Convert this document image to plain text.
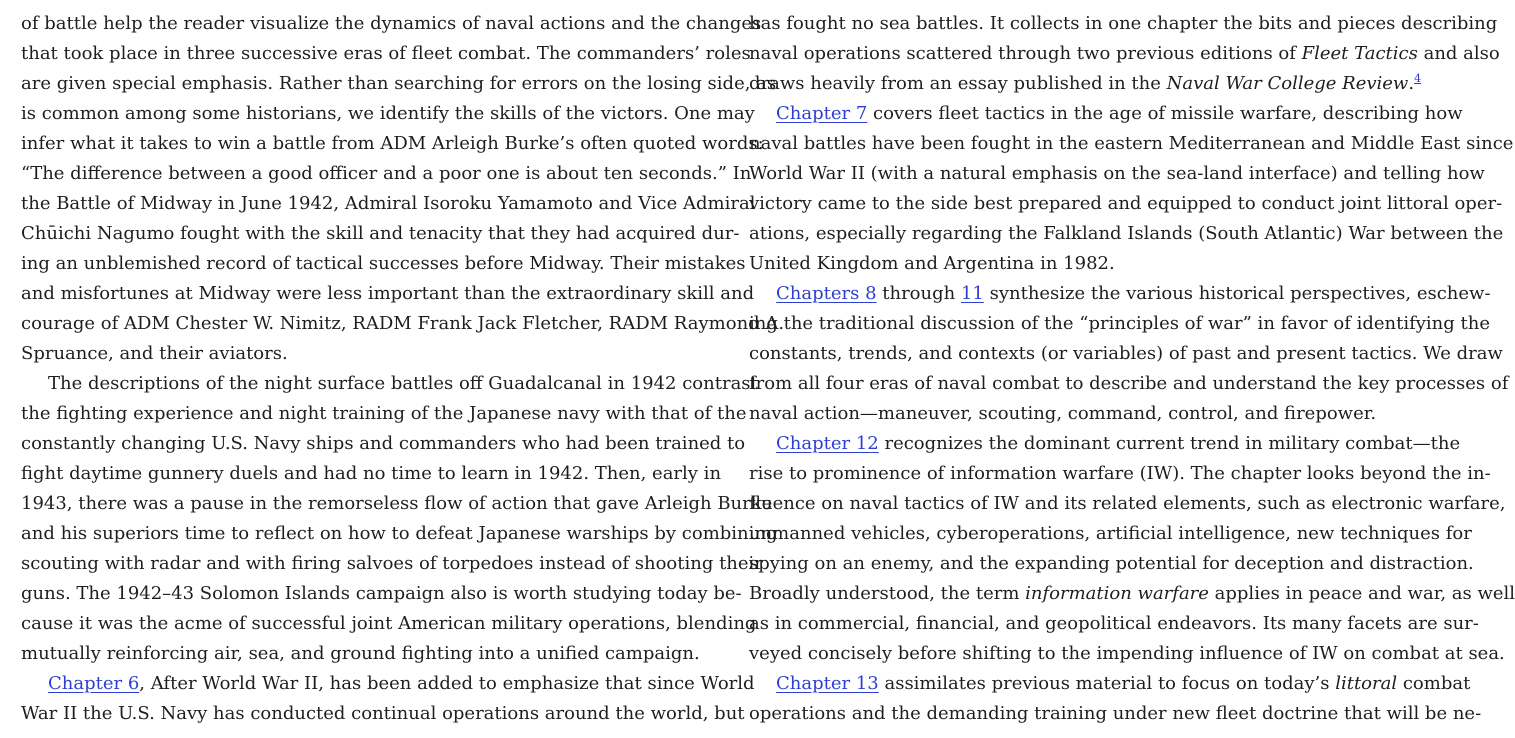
of battle help the reader visualize the dynamics of naval actions and the changes
that took place in three successive eras of fleet combat. The commanders’ roles
are given special emphasis. Rather than searching for errors on the losing side, as
is common among some historians, we identify the skills of the victors. One may
infer what it takes to win a battle from ADM Arleigh Burke’s often quoted words:
“The difference between a good officer and a poor one is about ten seconds.” In
the Battle of Midway in June 1942, Admiral Isoroku Yamamoto and Vice Admiral
Chūichi Nagumo fought with the skill and tenacity that they had acquired dur-
ing an unblemished record of tactical successes before Midway. Their mistakes
and misfortunes at Midway were less important than the extraordinary skill and
courage of ADM Chester W. Nimitz, RADM Frank Jack Fletcher, RADM Raymond A.
Spruance, and their aviators.
The descriptions of the night surface battles off Guadalcanal in 1942 contrast
the fighting experience and night training of the Japanese navy with that of the
constantly changing U.S. Navy ships and commanders who had been trained to
fight daytime gunnery duels and had no time to learn in 1942. Then, early in
1943, there was a pause in the remorseless flow of action that gave Arleigh Burke
and his superiors time to reflect on how to defeat Japanese warships by combining
scouting with radar and with firing salvoes of torpedoes instead of shooting their
guns. The 1942–43 Solomon Islands campaign also is worth studying today be-
cause it was the acme of successful joint American military operations, blending
mutually reinforcing air, sea, and ground fighting into a unified campaign.
Chapter 6, After World War II, has been added to emphasize that since World
War II the U.S. Navy has conducted continual operations around the world, but
has fought no sea battles. It collects in one chapter the bits and pieces describing
naval operations scattered through two previous editions of Fleet Tactics and also
draws heavily from an essay published in the Naval War College Review.$^4$
Chapter 7 covers fleet tactics in the age of missile warfare, describing how
naval battles have been fought in the eastern Mediterranean and Middle East since
World War II (with a natural emphasis on the sea-land interface) and telling how
victory came to the side best prepared and equipped to conduct joint littoral oper-
ations, especially regarding the Falkland Islands (South Atlantic) War between the
United Kingdom and Argentina in 1982.
Chapters 8 through 11 synthesize the various historical perspectives, eschew-
ing the traditional discussion of the “principles of war” in favor of identifying the
constants, trends, and contexts (or variables) of past and present tactics. We draw
from all four eras of naval combat to describe and understand the key processes of
naval action—maneuver, scouting, command, control, and firepower.
Chapter 12 recognizes the dominant current trend in military combat—the
rise to prominence of information warfare (IW). The chapter looks beyond the in-
fluence on naval tactics of IW and its related elements, such as electronic warfare,
unmanned vehicles, cyberoperations, artificial intelligence, new techniques for
spying on an enemy, and the expanding potential for deception and distraction.
Broadly understood, the term information warfare applies in peace and war, as well
as in commercial, financial, and geopolitical endeavors. Its many facets are sur-
veyed concisely before shifting to the impending influence of IW on combat at sea.
Chapter 13 assimilates previous material to focus on today’s littoral combat
operations and the demanding training under new fleet doctrine that will be ne-
